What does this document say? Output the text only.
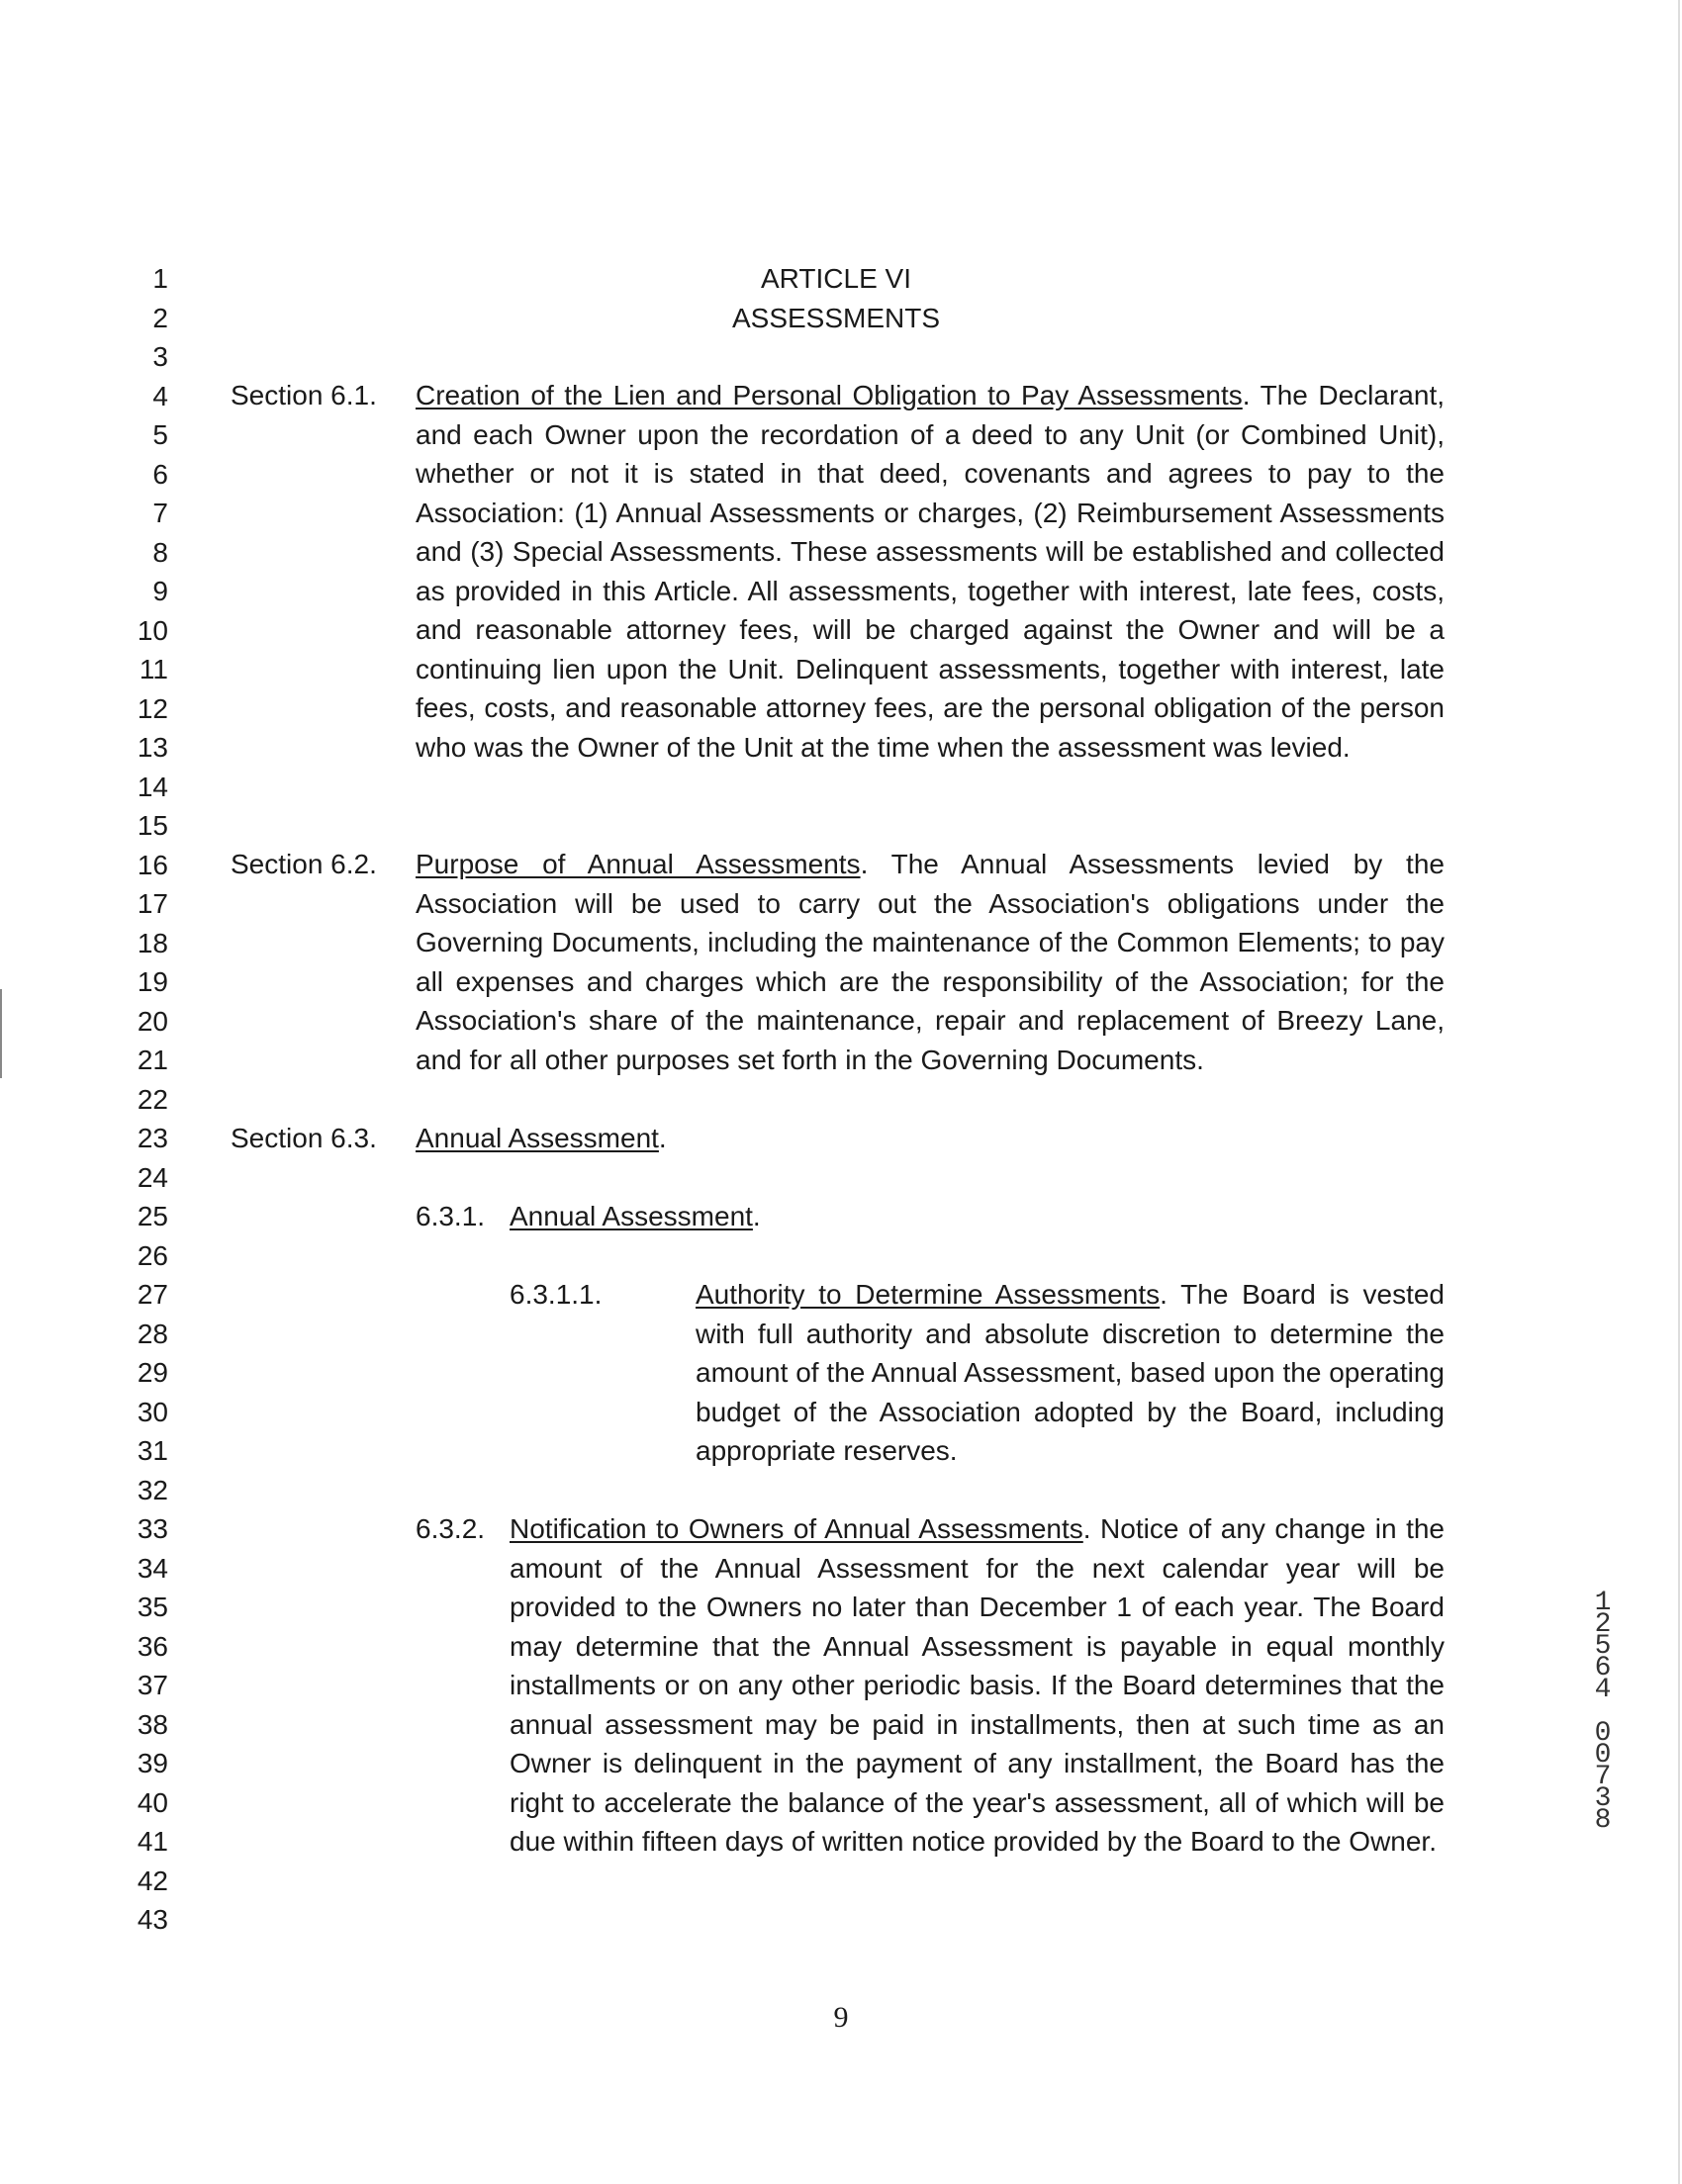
1
2
3
4
5
6
7
8
9
10
11
12
13
14
15
16
17
18
19
20
21
22
23
24
25
26
27
28
29
30
31
32
33
34
35
36
37
38
39
40
41
42
43
ARTICLE VI
ASSESSMENTS
Section 6.1. Creation of the Lien and Personal Obligation to Pay Assessments. The Declarant, and each Owner upon the recordation of a deed to any Unit (or Combined Unit), whether or not it is stated in that deed, covenants and agrees to pay to the Association: (1) Annual Assessments or charges, (2) Reimbursement Assessments and (3) Special Assessments. These assessments will be established and collected as provided in this Article. All assessments, together with interest, late fees, costs, and reasonable attorney fees, will be charged against the Owner and will be a continuing lien upon the Unit. Delinquent assessments, together with interest, late fees, costs, and reasonable attorney fees, are the personal obligation of the person who was the Owner of the Unit at the time when the assessment was levied.
Section 6.2. Purpose of Annual Assessments. The Annual Assessments levied by the Association will be used to carry out the Association's obligations under the Governing Documents, including the maintenance of the Common Elements; to pay all expenses and charges which are the responsibility of the Association; for the Association's share of the maintenance, repair and replacement of Breezy Lane, and for all other purposes set forth in the Governing Documents.
Section 6.3. Annual Assessment.
6.3.1. Annual Assessment.
6.3.1.1.	Authority to Determine Assessments. The Board is vested with full authority and absolute discretion to determine the amount of the Annual Assessment, based upon the operating budget of the Association adopted by the Board, including appropriate reserves.
6.3.2. Notification to Owners of Annual Assessments. Notice of any change in the amount of the Annual Assessment for the next calendar year will be provided to the Owners no later than December 1 of each year. The Board may determine that the Annual Assessment is payable in equal monthly installments or on any other periodic basis. If the Board determines that the annual assessment may be paid in installments, then at such time as an Owner is delinquent in the payment of any installment, the Board has the right to accelerate the balance of the year's assessment, all of which will be due within fifteen days of written notice provided by the Board to the Owner.
9
1
2
5
6
4
0
0
7
3
8
